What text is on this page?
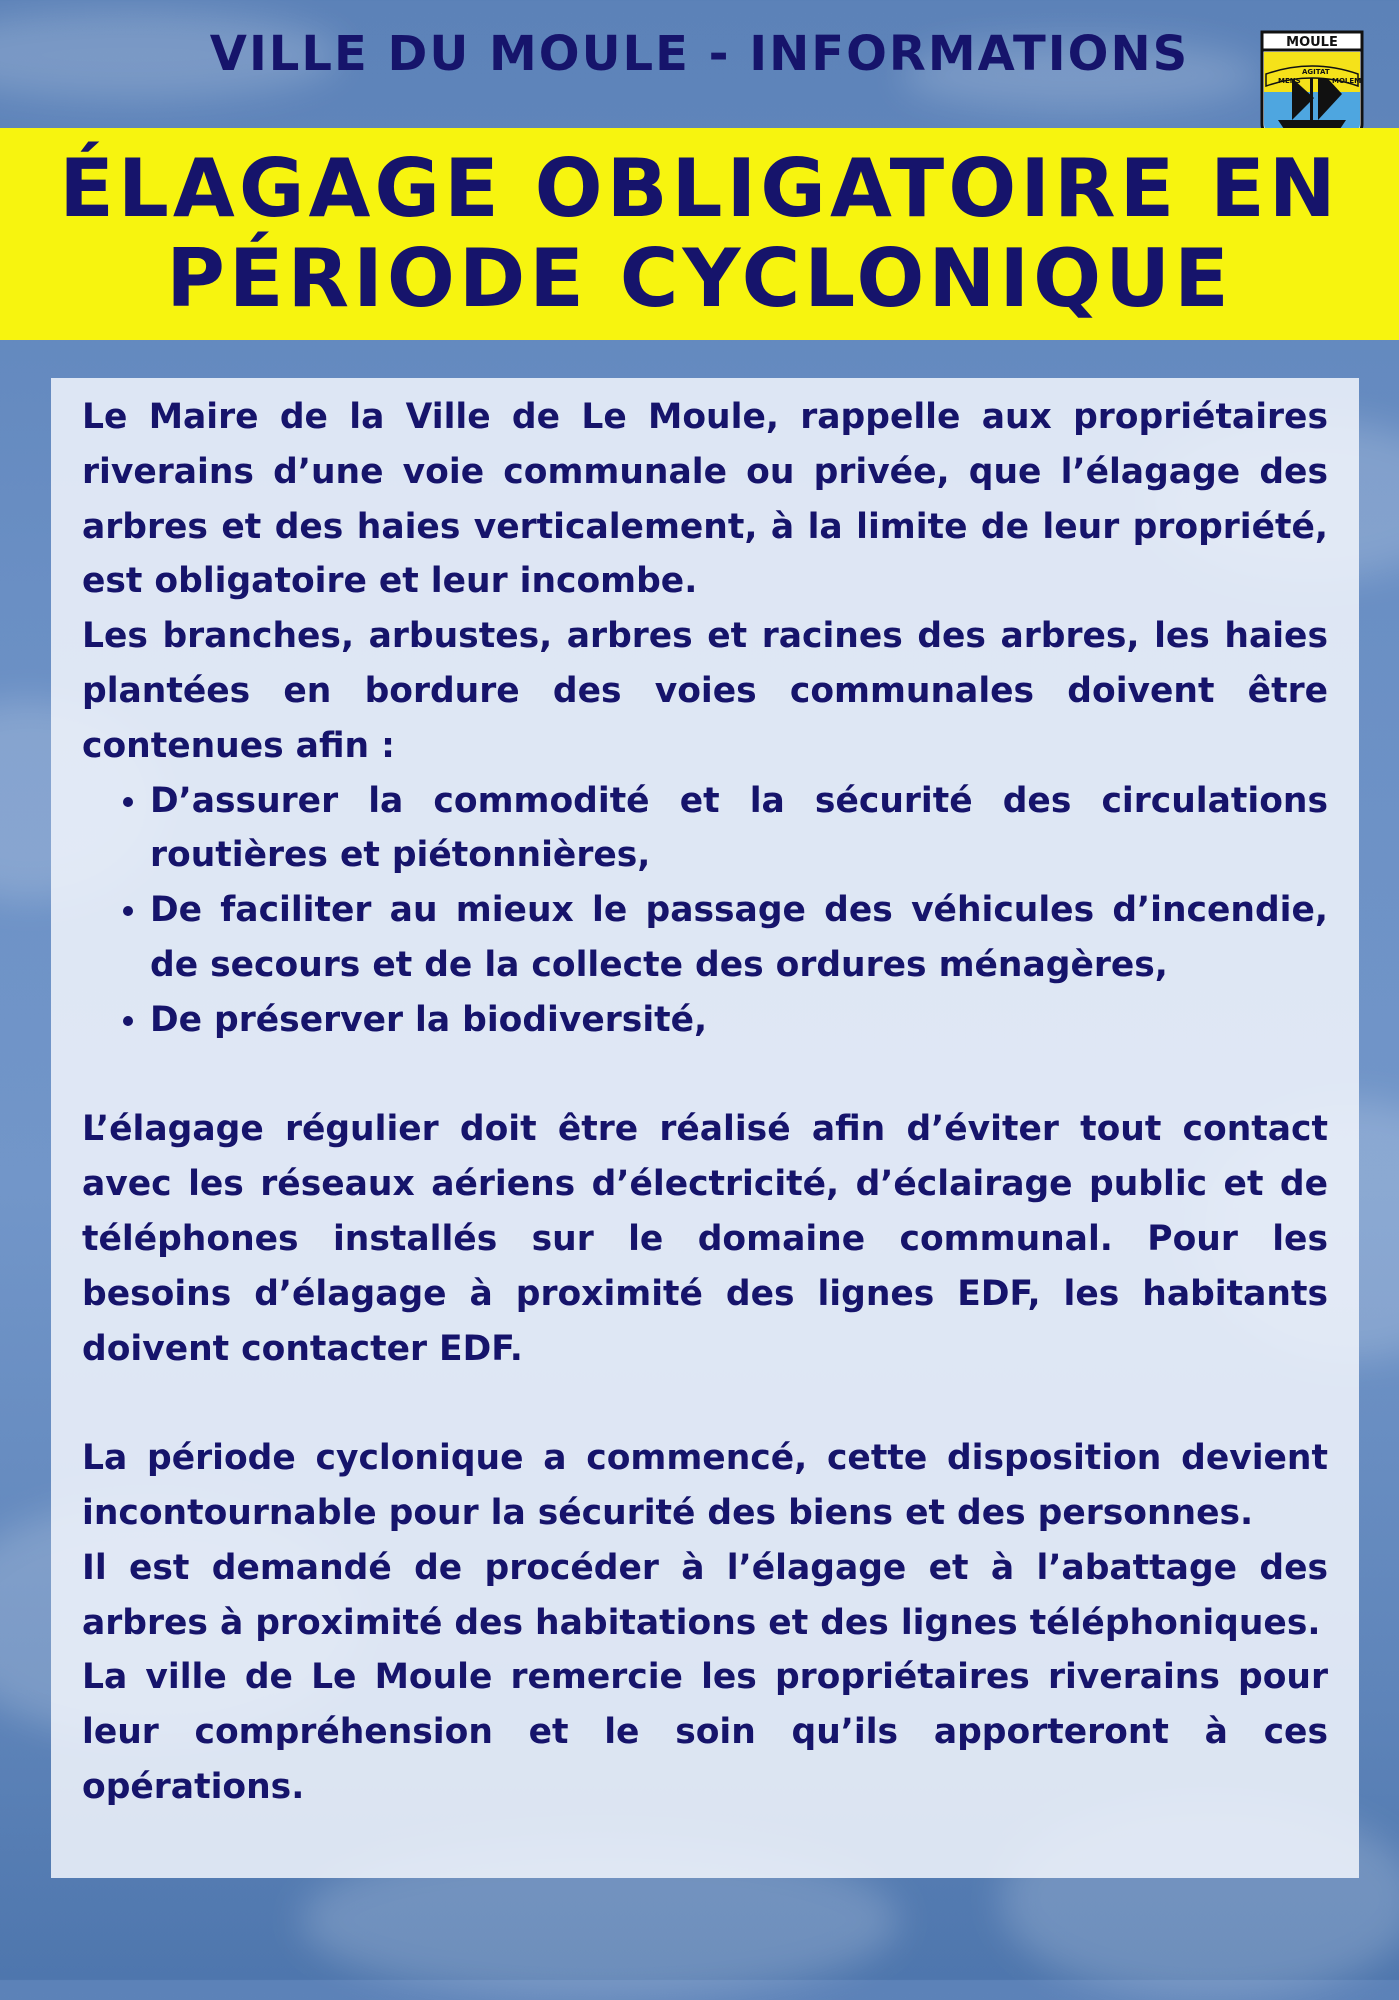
VILLE DU MOULE - INFORMATIONS	MOULE
MENS
AGITAT
MOLEM
ÉLAGAGE OBLIGATOIRE EN
PÉRIODE CYCLONIQUE

Le Maire de la Ville de Le Moule, rappelle aux propriétaires riverains d’une voie communale ou privée, que l’élagage des arbres et des haies verticalement, à la limite de leur propriété, est obligatoire et leur incombe.

Les branches, arbustes, arbres et racines des arbres, les haies plantées en bordure des voies communales doivent être contenues afin :

• D’assurer la commodité et la sécurité des circulations routières et piétonnières,
• De faciliter au mieux le passage des véhicules d’incendie, de secours et de la collecte des ordures ménagères,
• De préserver la biodiversité,

L’élagage régulier doit être réalisé afin d’éviter tout contact avec les réseaux aériens d’électricité, d’éclairage public et de téléphones installés sur le domaine communal. Pour les besoins d’élagage à proximité des lignes EDF, les habitants doivent contacter EDF.

La période cyclonique a commencé, cette disposition devient incontournable pour la sécurité des biens et des personnes.

Il est demandé de procéder à l’élagage et à l’abattage des arbres à proximité des habitations et des lignes téléphoniques.

La ville de Le Moule remercie les propriétaires riverains pour leur compréhension et le soin qu’ils apporteront à ces opérations.
